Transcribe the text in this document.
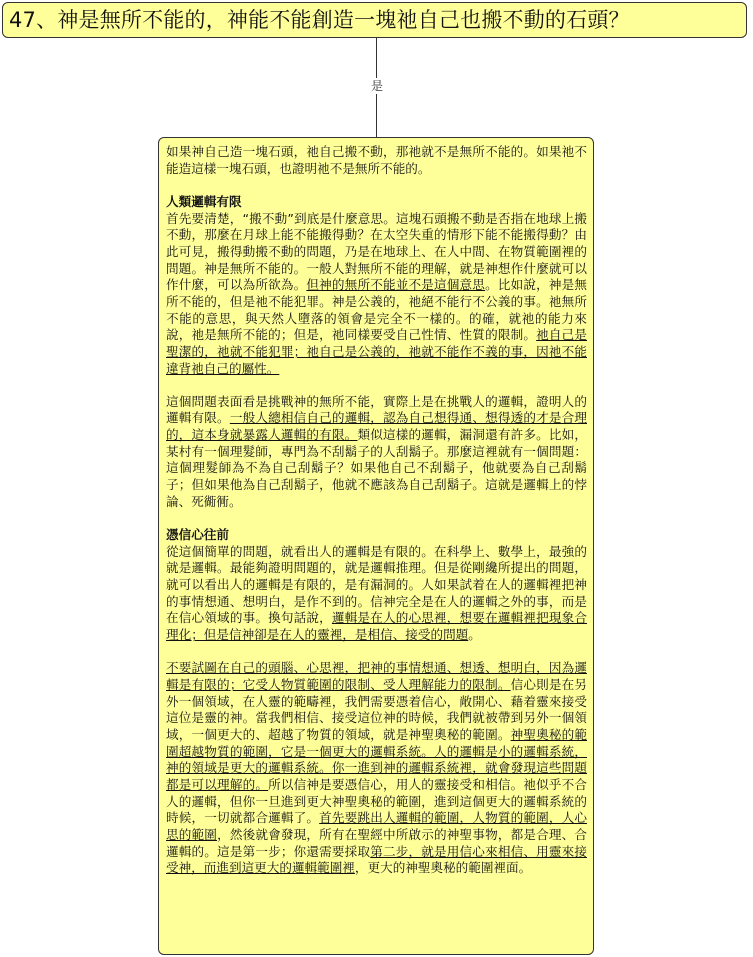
47、神是無所不能的，神能不能創造一塊祂自己也搬不動的石頭？
是

如果神自己造一塊石頭，祂自己搬不動，那祂就不是無所不能的。如果祂不能造這樣一塊石頭，也證明祂不是無所不能的。

人類邏輯有限

首先要清楚，“搬不動”到底是什麼意思。這塊石頭搬不動是否指在地球上搬不動，那麼在月球上能不能搬得動？在太空失重的情形下能不能搬得動？由此可見，搬得動搬不動的問題，乃是在地球上、在人中間、在物質範圍裡的問題。神是無所不能的。一般人對無所不能的理解，就是神想作什麼就可以作什麼，可以為所欲為。但神的無所不能並不是這個意思。比如說，神是無所不能的，但是祂不能犯罪。神是公義的，祂絕不能行不公義的事。祂無所不能的意思，與天然人墮落的領會是完全不一樣的。的確，就祂的能力來說，祂是無所不能的；但是，祂同樣要受自己性情、性質的限制。祂自己是聖潔的，祂就不能犯罪；祂自己是公義的，祂就不能作不義的事，因祂不能違背祂自己的屬性。

這個問題表面看是挑戰神的無所不能，實際上是在挑戰人的邏輯，證明人的邏輯有限。一般人總相信自己的邏輯，認為自己想得通、想得透的才是合理的，這本身就暴露人邏輯的有限。類似這樣的邏輯，漏洞還有許多。比如，某村有一個理髮師，專門為不刮鬍子的人刮鬍子。那麼這裡就有一個問題：這個理髮師為不為自己刮鬍子？如果他自己不刮鬍子，他就要為自己刮鬍子；但如果他為自己刮鬍子，他就不應該為自己刮鬍子。這就是邏輯上的悖論、死衚衕。

憑信心往前

從這個簡單的問題，就看出人的邏輯是有限的。在科學上、數學上，最強的就是邏輯。最能夠證明問題的，就是邏輯推理。但是從剛纔所提出的問題，就可以看出人的邏輯是有限的，是有漏洞的。人如果試着在人的邏輯裡把神的事情想通、想明白，是作不到的。信神完全是在人的邏輯之外的事，而是在信心領域的事。換句話說，邏輯是在人的心思裡，想要在邏輯裡把現象合理化；但是信神卻是在人的靈裡，是相信、接受的問題。

不要試圖在自己的頭腦、心思裡，把神的事情想通、想透、想明白，因為邏輯是有限的；它受人物質範圍的限制、受人理解能力的限制。信心則是在另外一個領域，在人靈的範疇裡，我們需要憑着信心，敞開心、藉着靈來接受這位是靈的神。當我們相信、接受這位神的時候，我們就被帶到另外一個領域，一個更大的、超越了物質的領域，就是神聖奧秘的範圍。神聖奧秘的範圍超越物質的範圍，它是一個更大的邏輯系統。人的邏輯是小的邏輯系統，神的領域是更大的邏輯系統。你一進到神的邏輯系統裡，就會發現這些問題都是可以理解的。所以信神是要憑信心，用人的靈接受和相信。祂似乎不合人的邏輯，但你一旦進到更大神聖奧秘的範圍，進到這個更大的邏輯系統的時候，一切就都合邏輯了。首先要跳出人邏輯的範圍，人物質的範圍，人心思的範圍，然後就會發現，所有在聖經中所啟示的神聖事物，都是合理、合邏輯的。這是第一步；你還需要採取第二步，就是用信心來相信、用靈來接受神，而進到這更大的邏輯範圍裡，更大的神聖奧秘的範圍裡面。
